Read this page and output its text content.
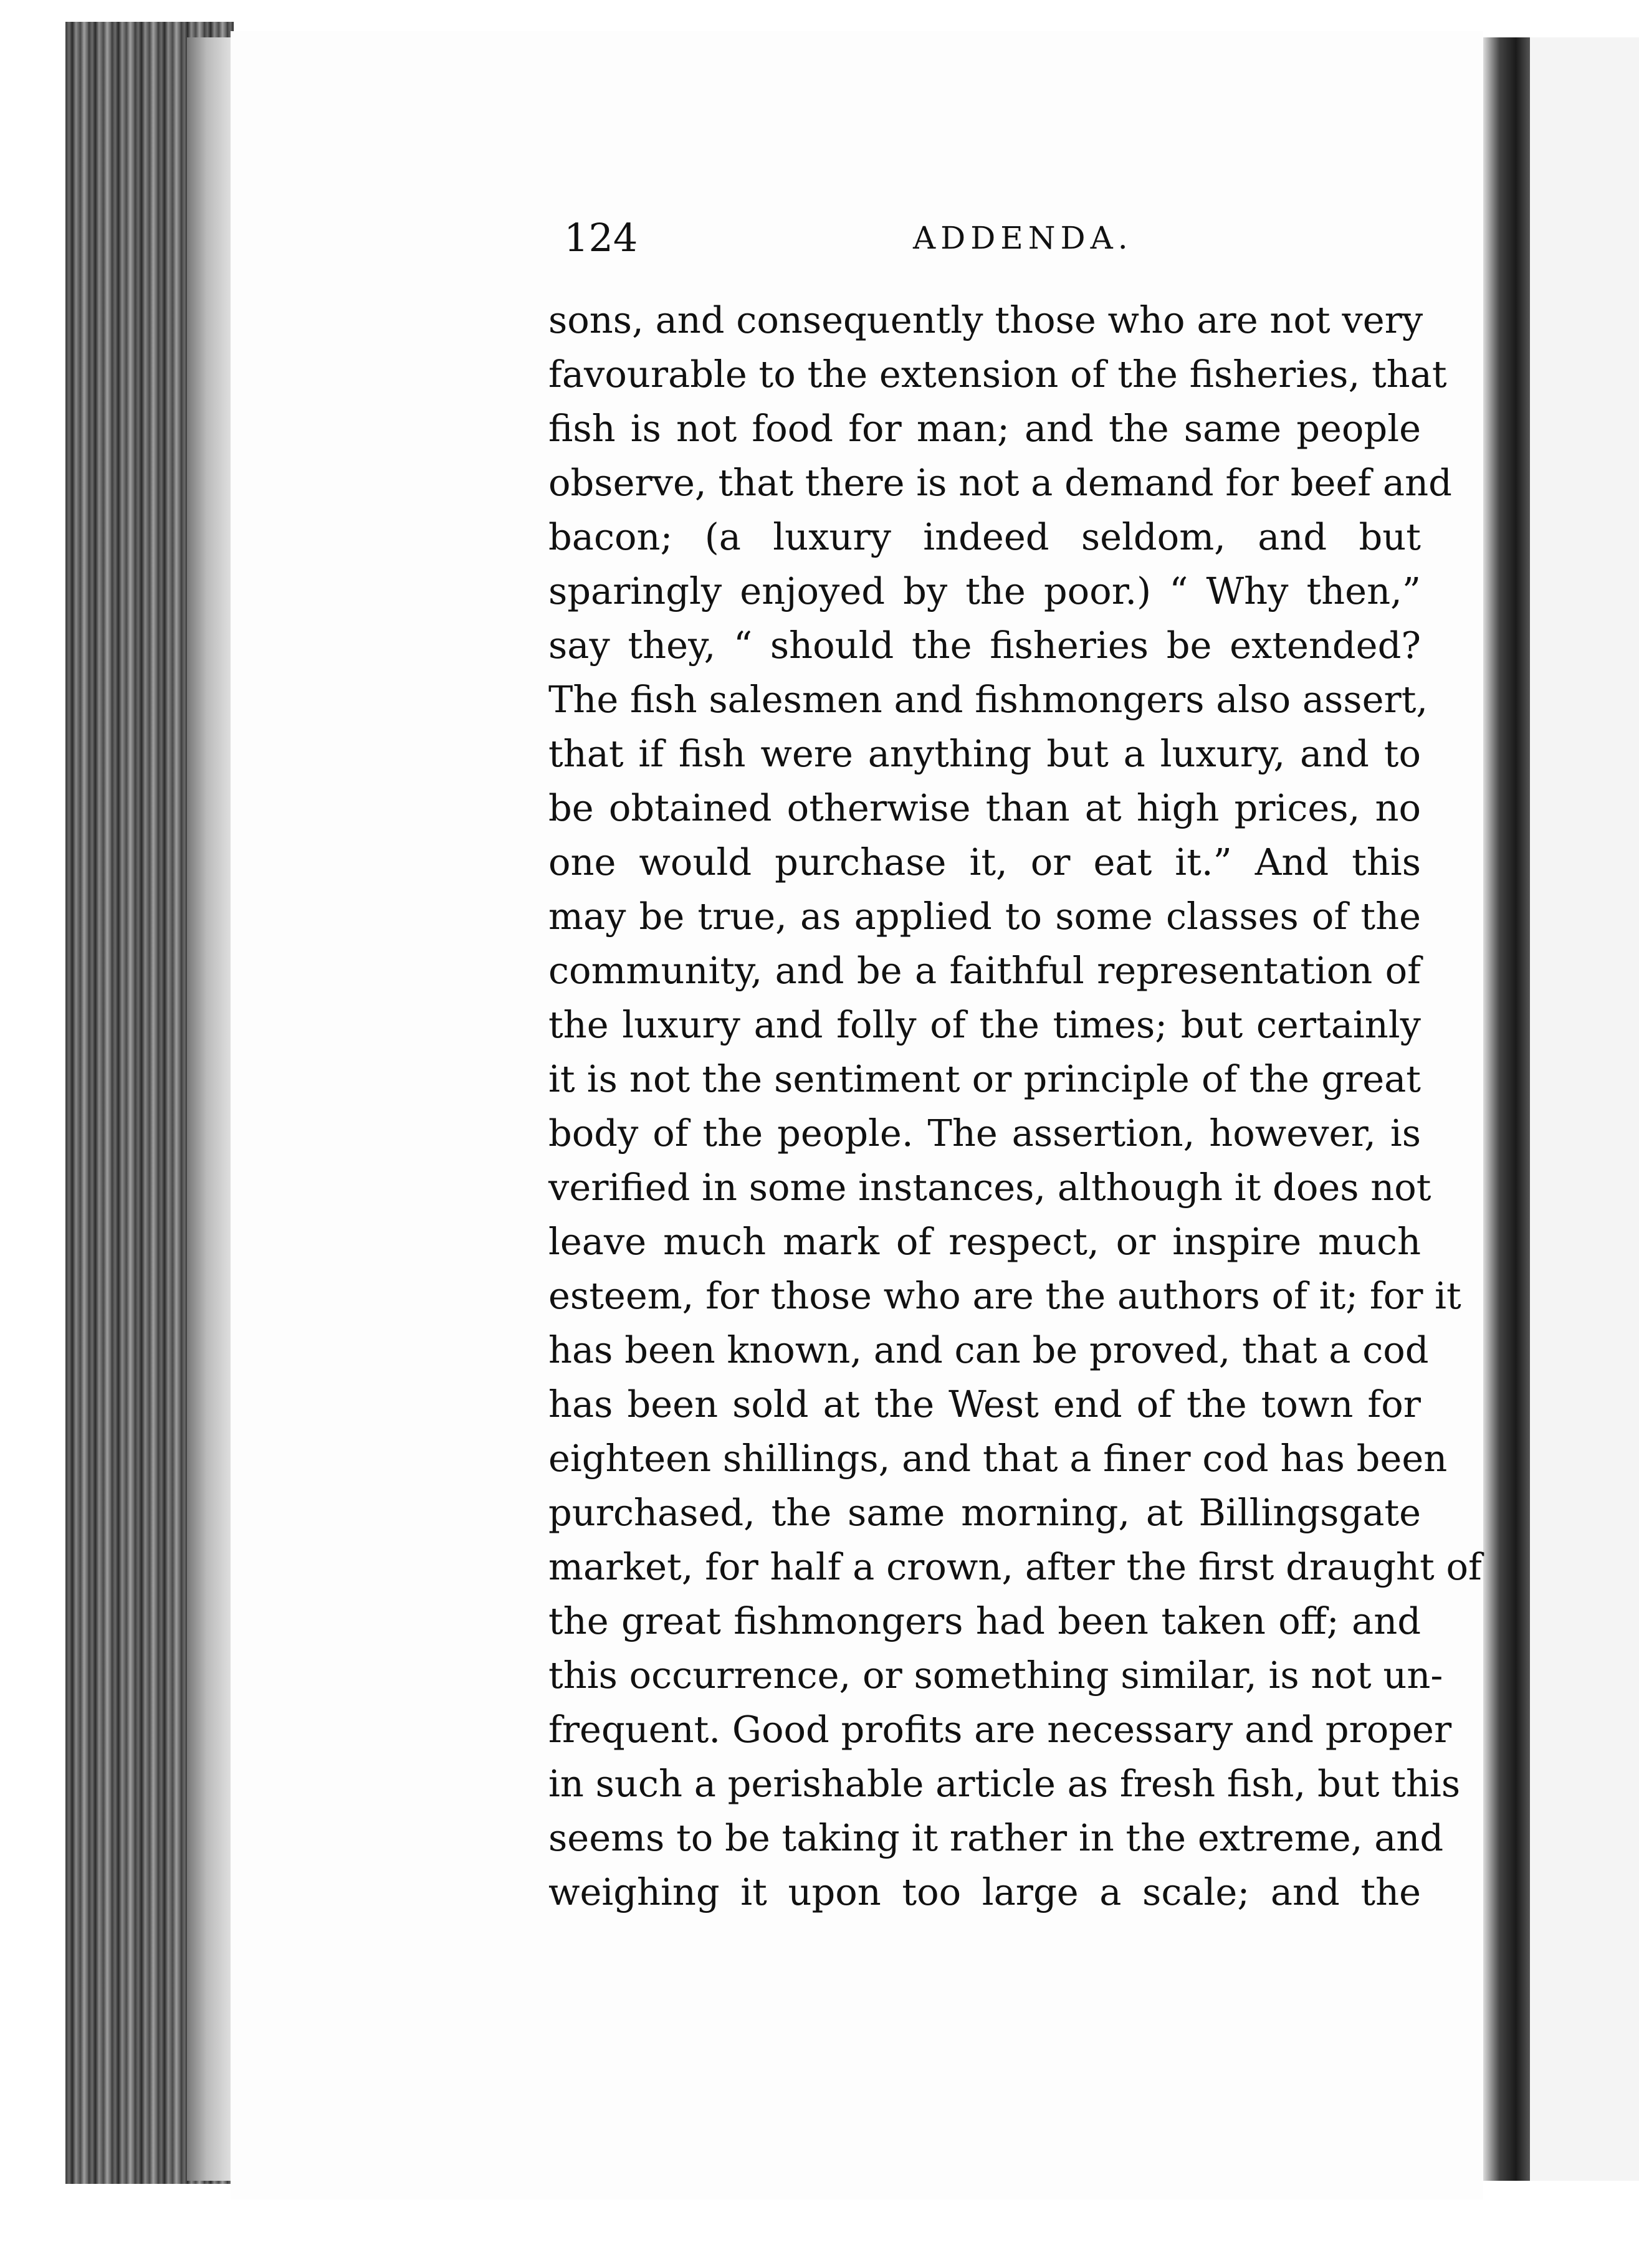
124	ADDENDA.
sons, and consequently those who are not very
favourable to the extension of the fisheries, that
fish is not food for man; and the same people
observe, that there is not a demand for beef and
bacon; (a luxury indeed seldom, and but
sparingly enjoyed by the poor.) “ Why then,”
say they, “ should the fisheries be extended?
The fish salesmen and fishmongers also assert,
that if fish were anything but a luxury, and to
be obtained otherwise than at high prices, no
one would purchase it, or eat it.” And this
may be true, as applied to some classes of the
community, and be a faithful representation of
the luxury and folly of the times; but certainly
it is not the sentiment or principle of the great
body of the people. The assertion, however, is
verified in some instances, although it does not
leave much mark of respect, or inspire much
esteem, for those who are the authors of it; for it
has been known, and can be proved, that a cod
has been sold at the West end of the town for
eighteen shillings, and that a finer cod has been
purchased, the same morning, at Billingsgate
market, for half a crown, after the first draught of
the great fishmongers had been taken off; and
this occurrence, or something similar, is not un-
frequent. Good profits are necessary and proper
in such a perishable article as fresh fish, but this
seems to be taking it rather in the extreme, and
weighing it upon too large a scale; and the
